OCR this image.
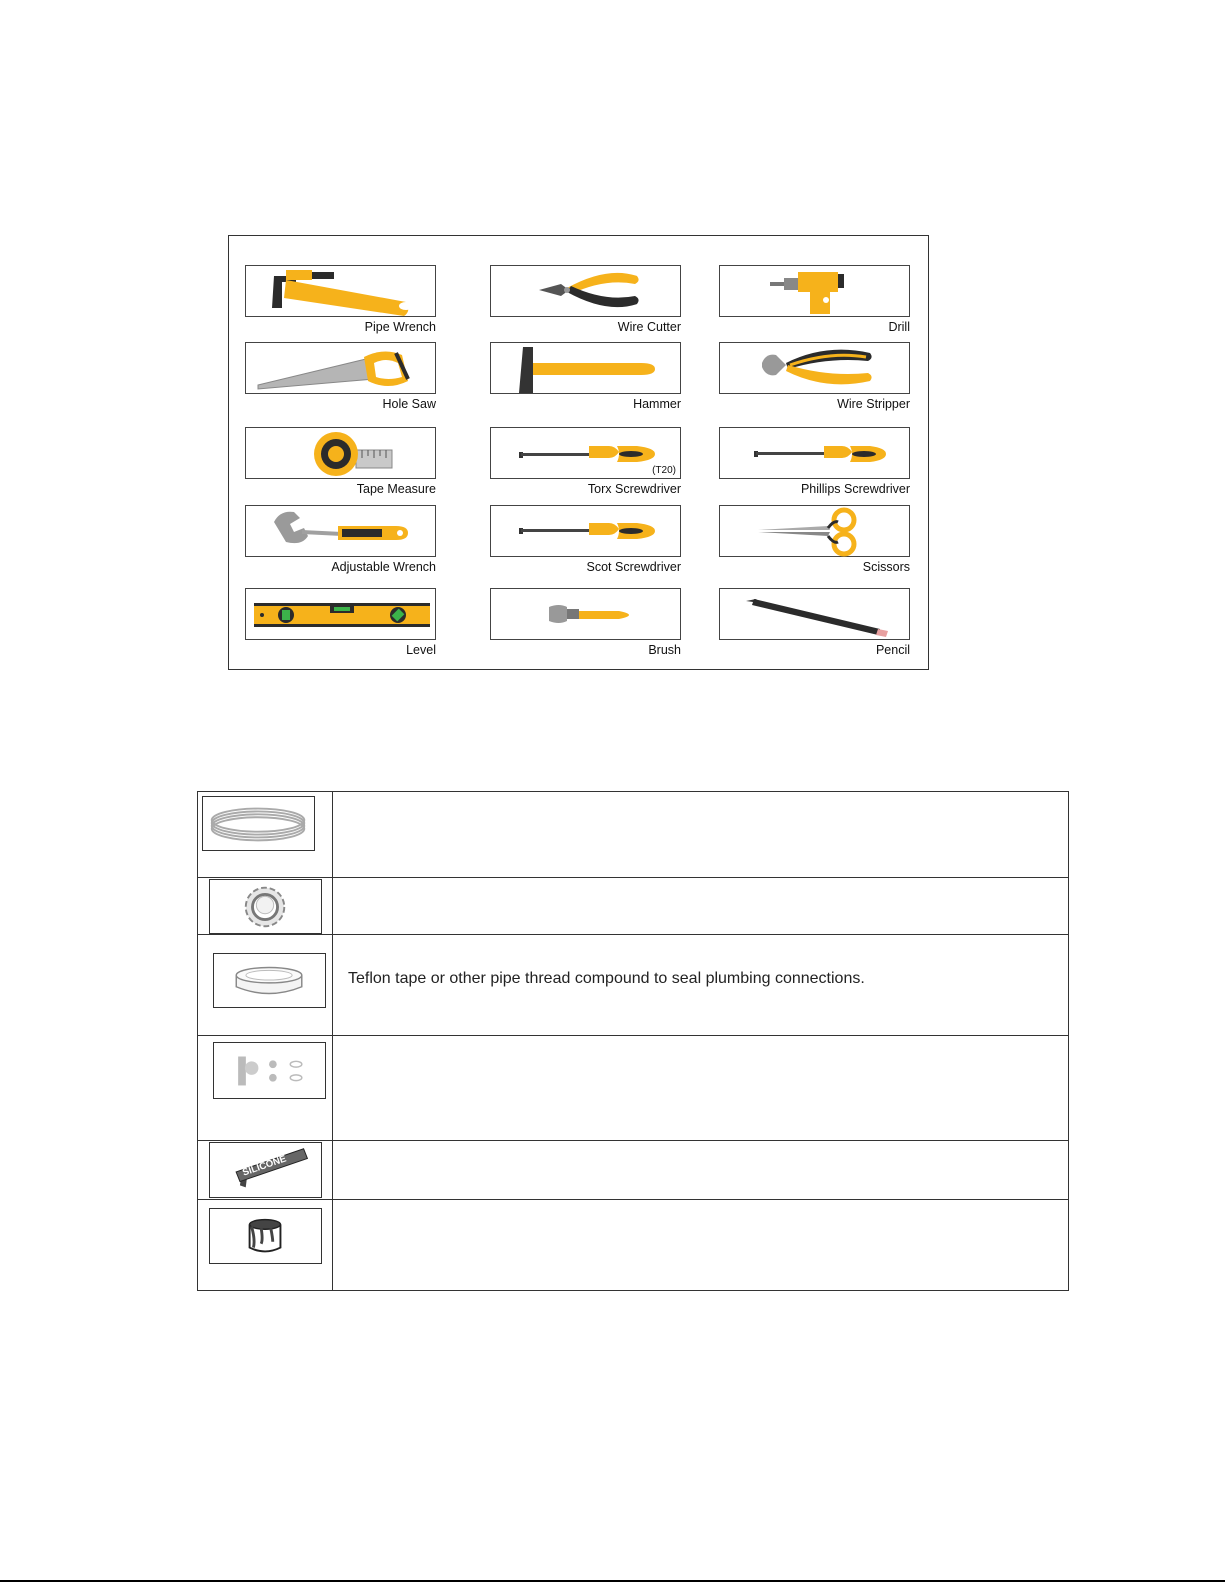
Pipe Wrench	Wire Cutter	Drill
Hole Saw	Hammer	Wire Stripper
Tape Measure
(T20)
Torx Screwdriver	Phillips Screwdriver
Adjustable Wrench	Scot Screwdriver	Scissors
Level	Brush	Pencil
Teflon tape or other pipe thread compound to seal plumbing connections.
SILICONE
